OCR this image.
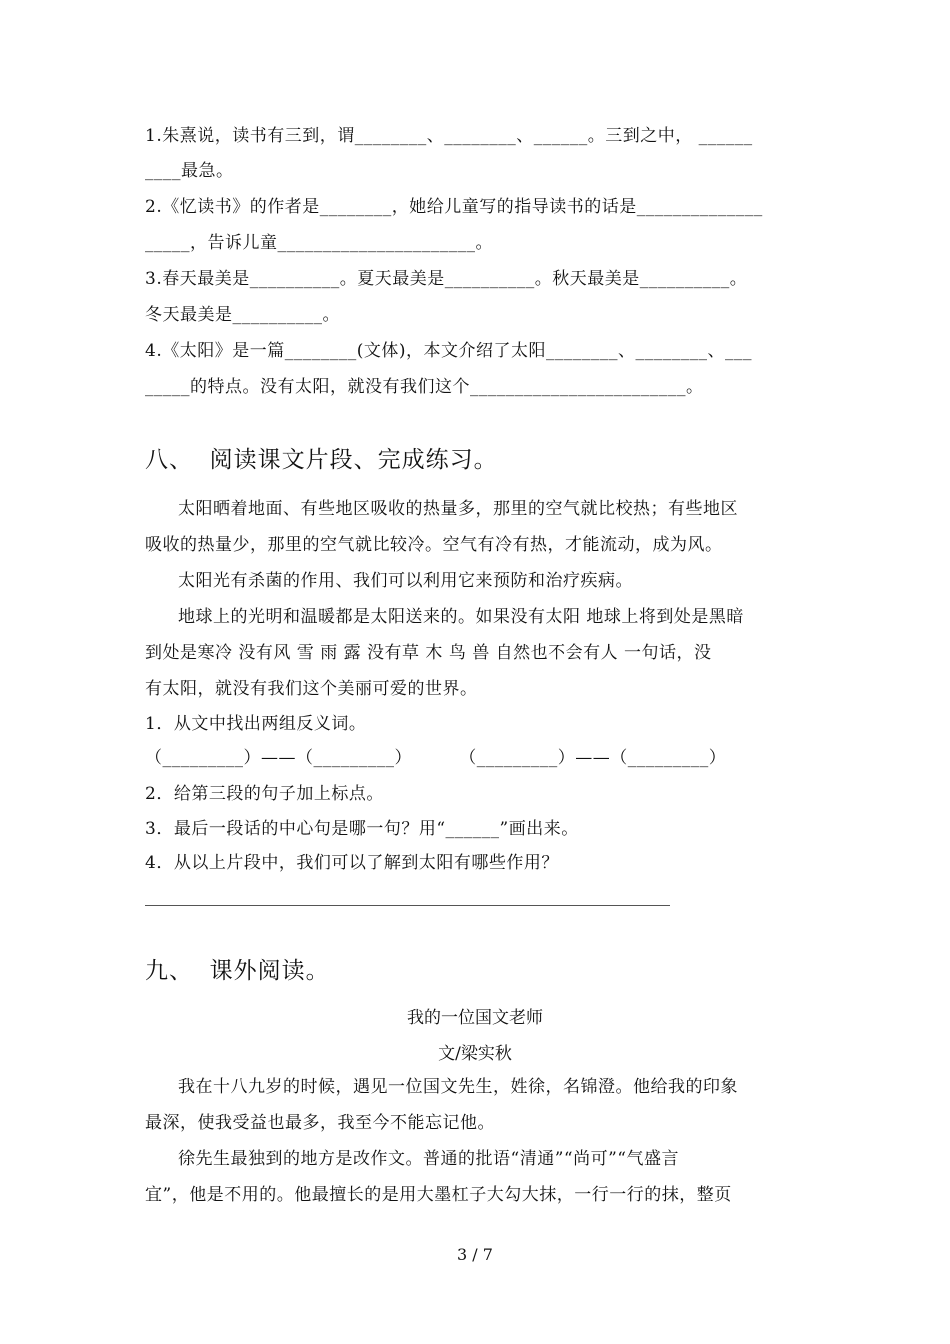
1.朱熹说，读书有三到，谓________、________、______。三到之中， ______
____最急。
2.《忆读书》的作者是________，她给儿童写的指导读书的话是______________
_____，告诉儿童______________________。
3.春天最美是__________。夏天最美是__________。秋天最美是__________。
冬天最美是__________。
4.《太阳》是一篇________(文体)，本文介绍了太阳________、________、___
_____的特点。没有太阳，就没有我们这个________________________。
八、  阅读课文片段、完成练习。
太阳晒着地面、有些地区吸收的热量多，那里的空气就比校热；有些地区
吸收的热量少，那里的空气就比较冷。空气有冷有热，才能流动，成为风。
太阳光有杀菌的作用、我们可以利用它来预防和治疗疾病。
地球上的光明和温暖都是太阳送来的。如果没有太阳 地球上将到处是黑暗
到处是寒冷 没有风 雪 雨 露 没有草 木 鸟 兽 自然也不会有人 一句话，没
有太阳，就没有我们这个美丽可爱的世界。
1．从文中找出两组反义词。
（_________）——（_________）        （_________）——（_________）
2．给第三段的句子加上标点。
3．最后一段话的中心句是哪一句？用“______”画出来。
4．从以上片段中，我们可以了解到太阳有哪些作用？
九、  课外阅读。
我的一位国文老师
文/梁实秋
我在十八九岁的时候，遇见一位国文先生，姓徐，名锦澄。他给我的印象
最深，使我受益也最多，我至今不能忘记他。
徐先生最独到的地方是改作文。普通的批语“清通”“尚可”“气盛言
宜”，他是不用的。他最擅长的是用大墨杠子大勾大抹，一行一行的抹，整页
3 / 7
